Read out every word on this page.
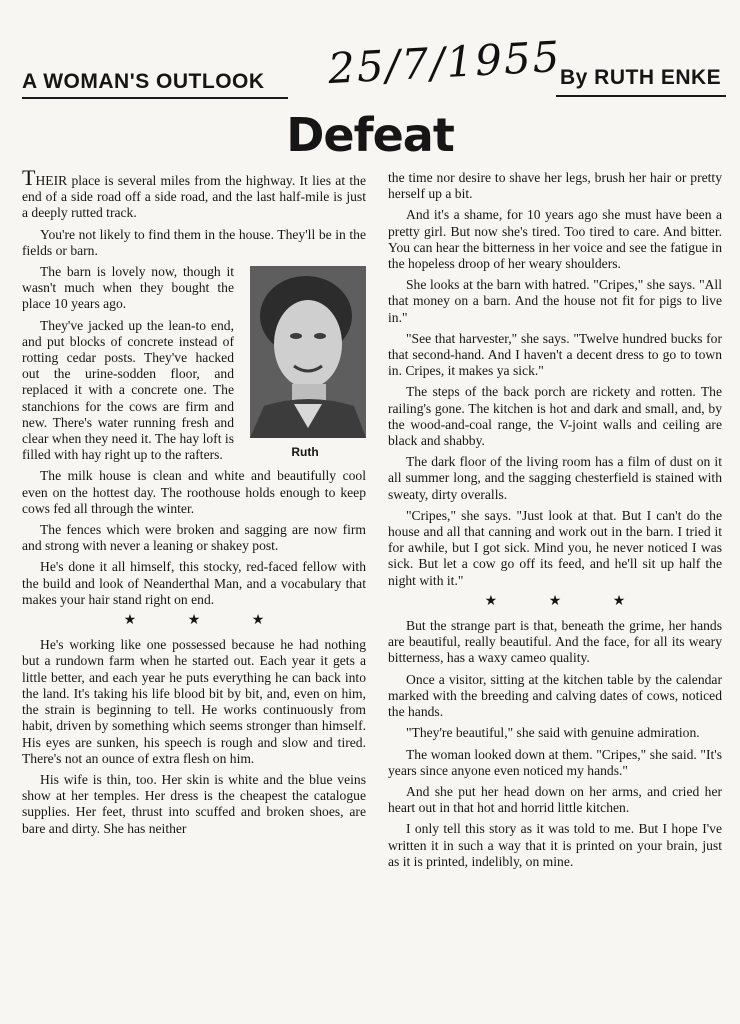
A WOMAN'S OUTLOOK 25/7/1955
By RUTH ENKE
Defeat

THEIR place is several miles from the highway. It lies at the end of a side road off a side road, and the last half-mile is just a deeply rutted track.

You're not likely to find them in the house. They'll be in the fields or barn.

Ruth

The barn is lovely now, though it wasn't much when they bought the place 10 years ago.

They've jacked up the lean-to end, and put blocks of concrete instead of rotting cedar posts. They've hacked out the urine-sodden floor, and replaced it with a concrete one. The stanchions for the cows are firm and new. There's water running fresh and clear when they need it. The hay loft is filled with hay right up to the rafters.

The milk house is clean and white and beautifully cool even on the hottest day. The roothouse holds enough to keep cows fed all through the winter.

The fences which were broken and sagging are now firm and strong with never a leaning or shakey post.

He's done it all himself, this stocky, red-faced fellow with the build and look of Neanderthal Man, and a vocabulary that makes your hair stand right on end.

★ ★ ★

He's working like one possessed because he had nothing but a rundown farm when he started out. Each year it gets a little better, and each year he puts everything he can back into the land. It's taking his life blood bit by bit, and, even on him, the strain is beginning to tell. He works continuously from habit, driven by something which seems stronger than himself. His eyes are sunken, his speech is rough and slow and tired. There's not an ounce of extra flesh on him.

His wife is thin, too. Her skin is white and the blue veins show at her temples. Her dress is the cheapest the catalogue supplies. Her feet, thrust into scuffed and broken shoes, are bare and dirty. She has neither

the time nor desire to shave her legs, brush her hair or pretty herself up a bit.

And it's a shame, for 10 years ago she must have been a pretty girl. But now she's tired. Too tired to care. And bitter. You can hear the bitterness in her voice and see the fatigue in the hopeless droop of her weary shoulders.

She looks at the barn with hatred. "Cripes," she says. "All that money on a barn. And the house not fit for pigs to live in."

"See that harvester," she says. "Twelve hundred bucks for that second-hand. And I haven't a decent dress to go to town in. Cripes, it makes ya sick."

The steps of the back porch are rickety and rotten. The railing's gone. The kitchen is hot and dark and small, and, by the wood-and-coal range, the V-joint walls and ceiling are black and shabby.

The dark floor of the living room has a film of dust on it all summer long, and the sagging chesterfield is stained with sweaty, dirty overalls.

"Cripes," she says. "Just look at that. But I can't do the house and all that canning and work out in the barn. I tried it for awhile, but I got sick. Mind you, he never noticed I was sick. But let a cow go off its feed, and he'll sit up half the night with it."

★ ★ ★

But the strange part is that, beneath the grime, her hands are beautiful, really beautiful. And the face, for all its weary bitterness, has a waxy cameo quality.

Once a visitor, sitting at the kitchen table by the calendar marked with the breeding and calving dates of cows, noticed the hands.

"They're beautiful," she said with genuine admiration.

The woman looked down at them. "Cripes," she said. "It's years since anyone even noticed my hands."

And she put her head down on her arms, and cried her heart out in that hot and horrid little kitchen.

I only tell this story as it was told to me. But I hope I've written it in such a way that it is printed on your brain, just as it is printed, indelibly, on mine.
